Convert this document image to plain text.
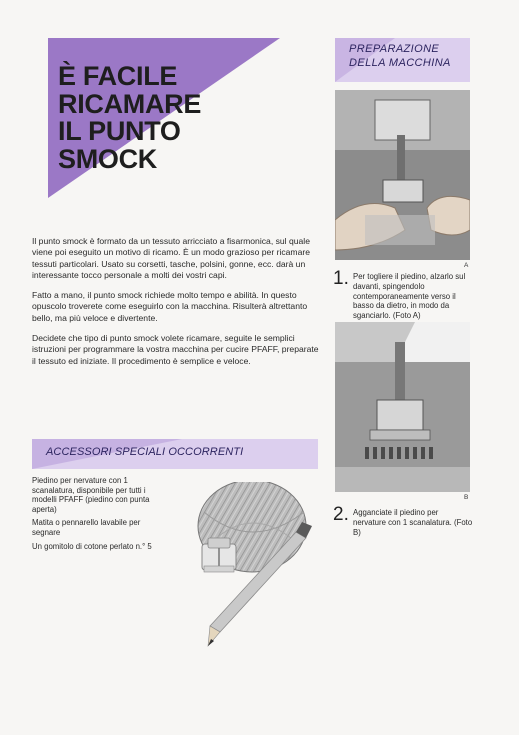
È FACILE
RICAMARE
IL PUNTO
SMOCK

Il punto smock è formato da un tessuto arricciato a fisarmonica, sul quale viene poi eseguito un motivo di ricamo. È un modo grazioso per ricamare tessuti particolari. Usato su corsetti, tasche, polsini, gonne, ecc. darà un interessante tocco personale a molti dei vostri capi.

Fatto a mano, il punto smock richiede molto tempo e abilità. In questo opuscolo troverete come eseguirlo con la macchina. Risulterà altrettanto bello, ma più veloce e divertente.

Decidete che tipo di punto smock volete ricamare, seguite le semplici istruzioni per programmare la vostra macchina per cucire PFAFF, preparate il tessuto ed iniziate. Il procedimento è semplice e veloce.

ACCESSORI SPECIALI OCCORRENTI

Piedino per nervature con 1 scanalatura, disponibile per tutti i modelli PFAFF (piedino con punta aperta)

Matita o pennarello lavabile per segnare

Un gomitolo di cotone perlato n.° 5

PREPARAZIONE
DELLA MACCHINA
A
1. Per togliere il piedino, alzarlo sul davanti, spingendolo contemporaneamente verso il basso da dietro, in modo da sganciarlo. (Foto A)
B
2. Agganciate il piedino per nervature con 1 scanalatura. (Foto B)
